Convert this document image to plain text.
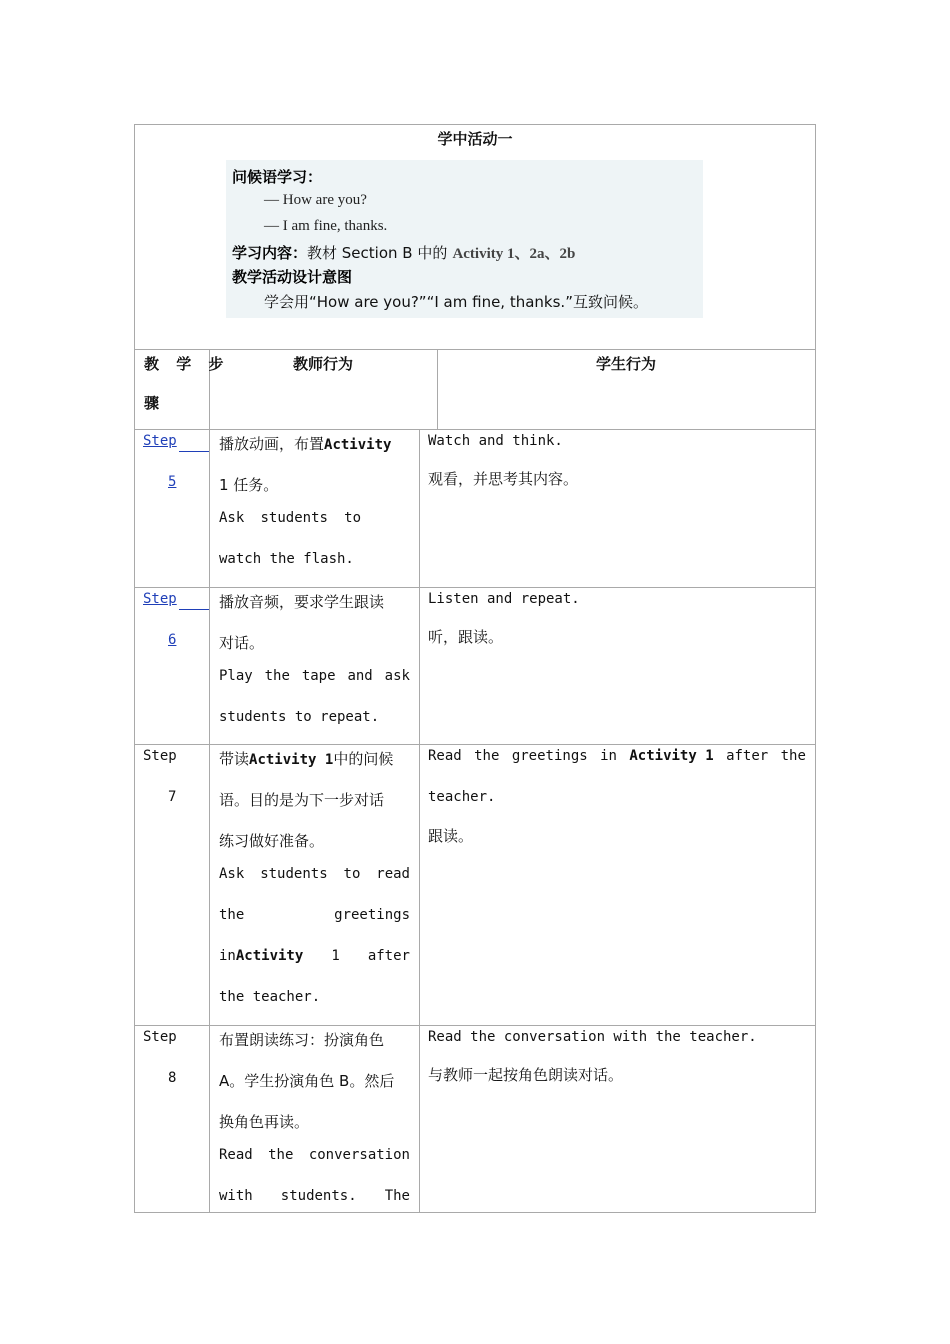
学中活动一
问候语学习：
— How are you?
— I am fine, thanks.
学习内容：教材 Section B 中的 Activity 1、2a、2b
教学活动设计意图
学会用“How are you?”“I am fine, thanks.”互致问候。
教 学 步
骤
教师行为	学生行为
Step
5
播放动画，布置Activity
1 任务。
Ask students to
watch the flash.
Watch and think.
观看，并思考其内容。
Step
6
播放音频，要求学生跟读
对话。
Play the tape and ask
students to repeat.
Listen and repeat.
听，跟读。
Step
7
带读Activity 1中的问候
语。目的是为下一步对话
练习做好准备。
Ask students to read
the	greetings
inActivity 1 after
the teacher.
Read the greetings in Activity 1 after the
teacher.
跟读。
Step
8
布置朗读练习：扮演角色
A。学生扮演角色 B。然后
换角色再读。
Read the conversation
with students. The
Read the conversation with the teacher.
与教师一起按角色朗读对话。
